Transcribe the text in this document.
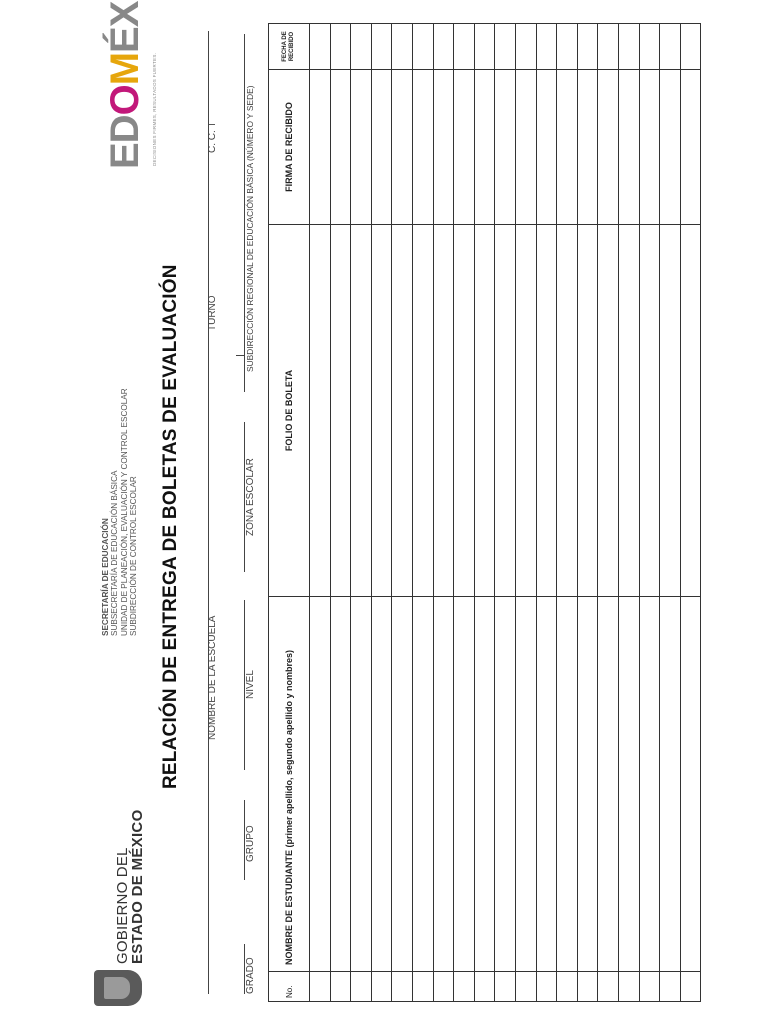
GOBIERNO DEL
ESTADO DE MÉXICO
SECRETARÍA DE EDUCACIÓN
SUBSECRETARÍA DE EDUCACIÓN BÁSICA
UNIDAD DE PLANEACIÓN, EVALUACIÓN Y CONTROL ESCOLAR
SUBDIRECCIÓN DE CONTROL ESCOLAR
EDOMÉX
DECISIONES FIRMES, RESULTADOS FUERTES.
RELACIÓN DE ENTREGA DE BOLETAS DE EVALUACIÓN	NOMBRE DE LA ESCUELA
TURNO
C. C. T
GRADO
GRUPO
NIVEL
ZONA ESCOLAR
SUBDIRECCIÓN REGIONAL DE EDUCACIÓN BÁSICA (NÚMERO Y SEDE)
No.	NOMBRE DE ESTUDIANTE (primer apellido, segundo apellido y nombres)	FOLIO DE BOLETA	FIRMA DE RECIBIDO	FECHA DE
RECIBIDO
